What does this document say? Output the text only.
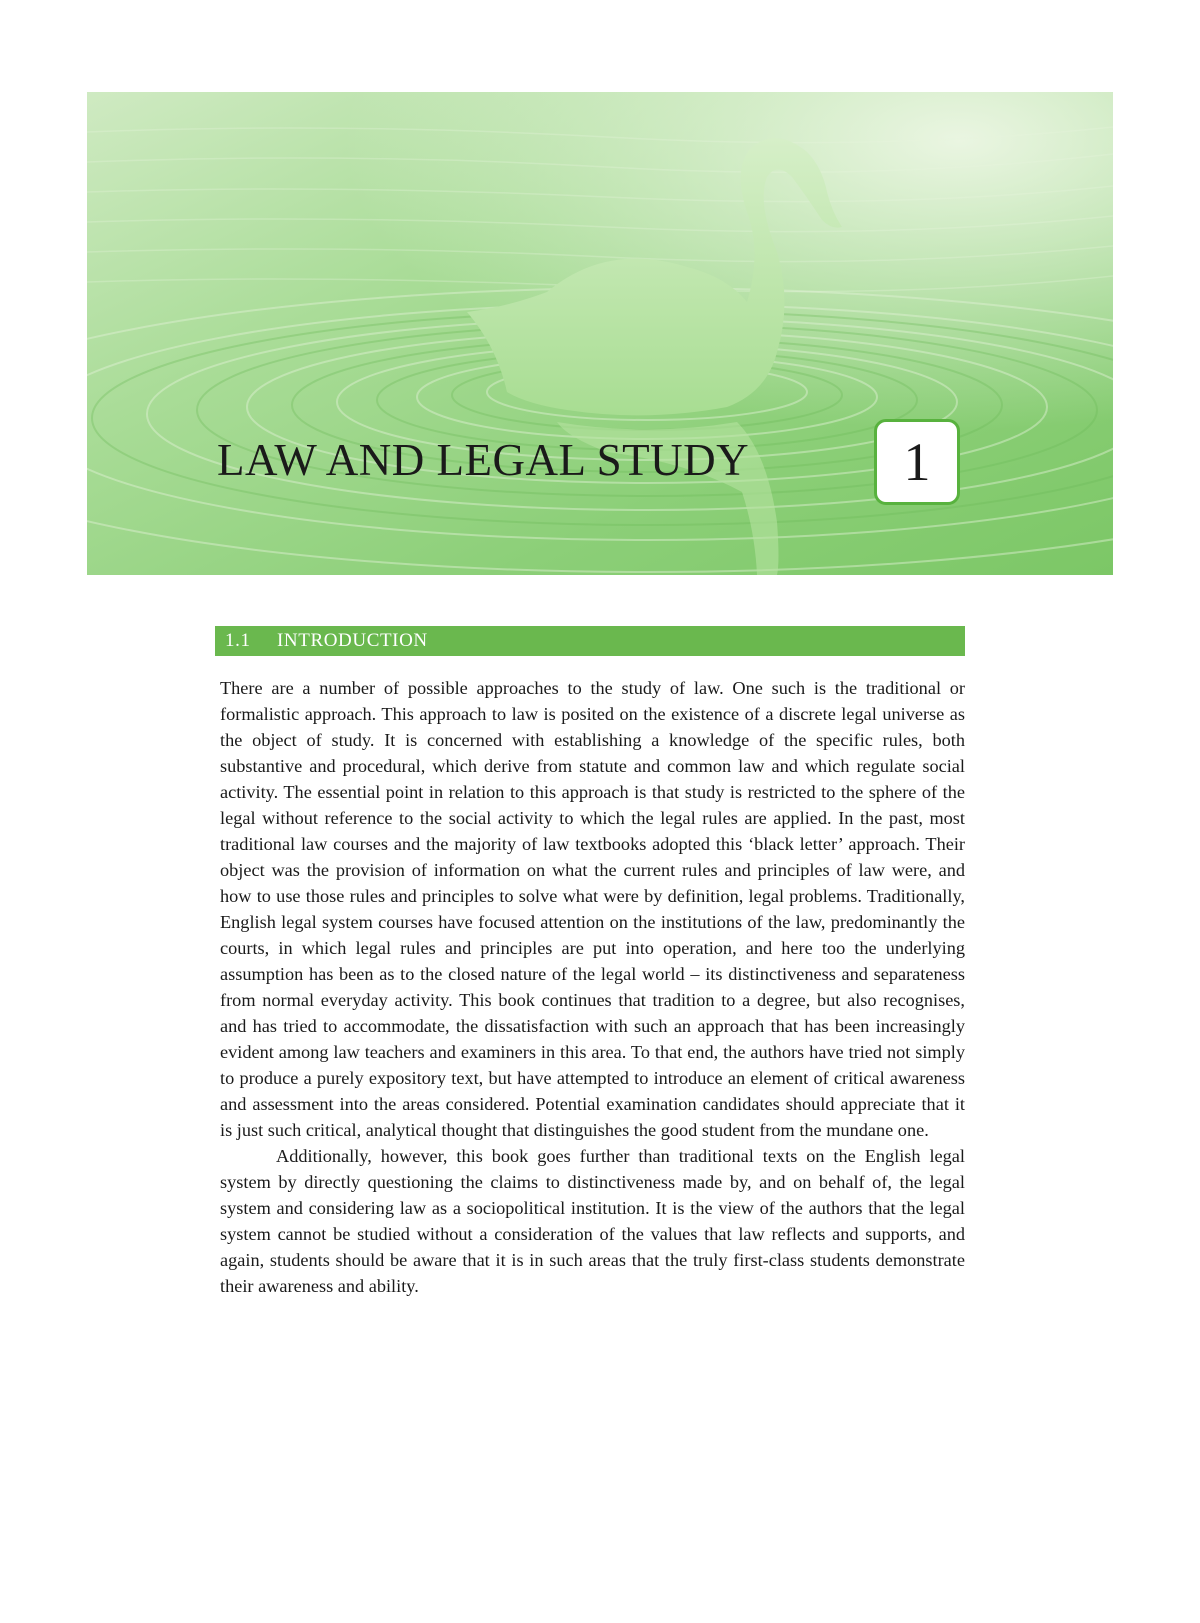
LAW AND LEGAL STUDY	1
1.1	INTRODUCTION

There are a number of possible approaches to the study of law. One such is the traditional or formalistic approach. This approach to law is posited on the existence of a discrete legal universe as the object of study. It is concerned with establishing a knowledge of the specific rules, both substantive and procedural, which derive from statute and common law and which regulate social activity. The essential point in relation to this approach is that study is restricted to the sphere of the legal without reference to the social activity to which the legal rules are applied. In the past, most traditional law courses and the majority of law textbooks adopted this ‘black letter’ approach. Their object was the provision of information on what the current rules and principles of law were, and how to use those rules and principles to solve what were by definition, legal problems. Traditionally, English legal system courses have focused attention on the institutions of the law, predominantly the courts, in which legal rules and principles are put into operation, and here too the underlying assumption has been as to the closed nature of the legal world – its distinctiveness and separateness from normal everyday activity. This book continues that tradition to a degree, but also recognises, and has tried to accommodate, the dissatisfaction with such an approach that has been increasingly evident among law teachers and examiners in this area. To that end, the authors have tried not simply to produce a purely expository text, but have attempted to introduce an element of critical awareness and assessment into the areas considered. Potential examination candidates should appreciate that it is just such critical, analytical thought that distinguishes the good student from the mundane one.

Additionally, however, this book goes further than traditional texts on the English legal system by directly questioning the claims to distinctiveness made by, and on behalf of, the legal system and considering law as a sociopolitical institution. It is the view of the authors that the legal system cannot be studied without a consideration of the values that law reflects and supports, and again, students should be aware that it is in such areas that the truly first-class students demonstrate their awareness and ability.
